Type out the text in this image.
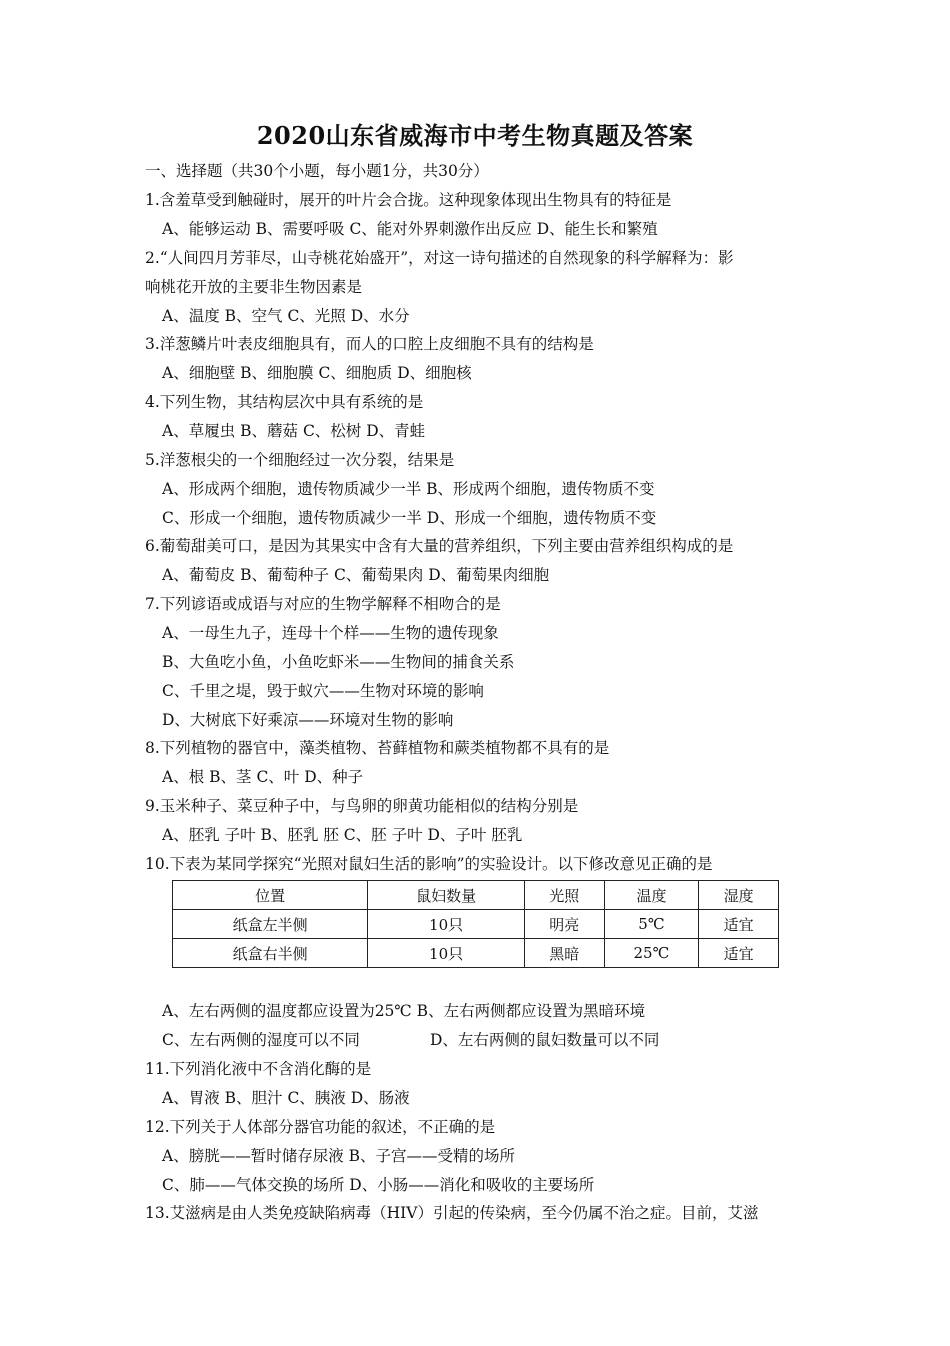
2020山东省威海市中考生物真题及答案
一、选择题（共30个小题，每小题1分，共30分）
1.含羞草受到触碰时，展开的叶片会合拢。这种现象体现出生物具有的特征是
A、能够运动 B、需要呼吸 C、能对外界刺激作出反应 D、能生长和繁殖
2.“人间四月芳菲尽，山寺桃花始盛开”，对这一诗句描述的自然现象的科学解释为：影
响桃花开放的主要非生物因素是
A、温度 B、空气 C、光照 D、水分
3.洋葱鳞片叶表皮细胞具有，而人的口腔上皮细胞不具有的结构是
A、细胞壁 B、细胞膜 C、细胞质 D、细胞核
4.下列生物，其结构层次中具有系统的是
A、草履虫 B、蘑菇 C、松树 D、青蛙
5.洋葱根尖的一个细胞经过一次分裂，结果是
A、形成两个细胞，遗传物质减少一半 B、形成两个细胞，遗传物质不变
C、形成一个细胞，遗传物质减少一半 D、形成一个细胞，遗传物质不变
6.葡萄甜美可口，是因为其果实中含有大量的营养组织，下列主要由营养组织构成的是
A、葡萄皮 B、葡萄种子 C、葡萄果肉 D、葡萄果肉细胞
7.下列谚语或成语与对应的生物学解释不相吻合的是
A、一母生九子，连母十个样——生物的遗传现象
B、大鱼吃小鱼，小鱼吃虾米——生物间的捕食关系
C、千里之堤，毁于蚁穴——生物对环境的影响
D、大树底下好乘凉——环境对生物的影响
8.下列植物的器官中，藻类植物、苔藓植物和蕨类植物都不具有的是
A、根 B、茎 C、叶 D、种子
9.玉米种子、菜豆种子中，与鸟卵的卵黄功能相似的结构分别是
A、胚乳 子叶 B、胚乳 胚 C、胚 子叶 D、子叶 胚乳
10.下表为某同学探究“光照对鼠妇生活的影响”的实验设计。以下修改意见正确的是
位置	鼠妇数量	光照	温度	湿度
纸盒左半侧	10只	明亮	5℃	适宜
纸盒右半侧	10只	黑暗	25℃	适宜
A、左右两侧的温度都应设置为25℃ B、左右两侧都应设置为黑暗环境
C、左右两侧的湿度可以不同	D、左右两侧的鼠妇数量可以不同
11.下列消化液中不含消化酶的是
A、胃液 B、胆汁 C、胰液 D、肠液
12.下列关于人体部分器官功能的叙述，不正确的是
A、膀胱——暂时储存尿液 B、子宫——受精的场所
C、肺——气体交换的场所 D、小肠——消化和吸收的主要场所
13.艾滋病是由人类免疫缺陷病毒（HIV）引起的传染病，至今仍属不治之症。目前，艾滋
